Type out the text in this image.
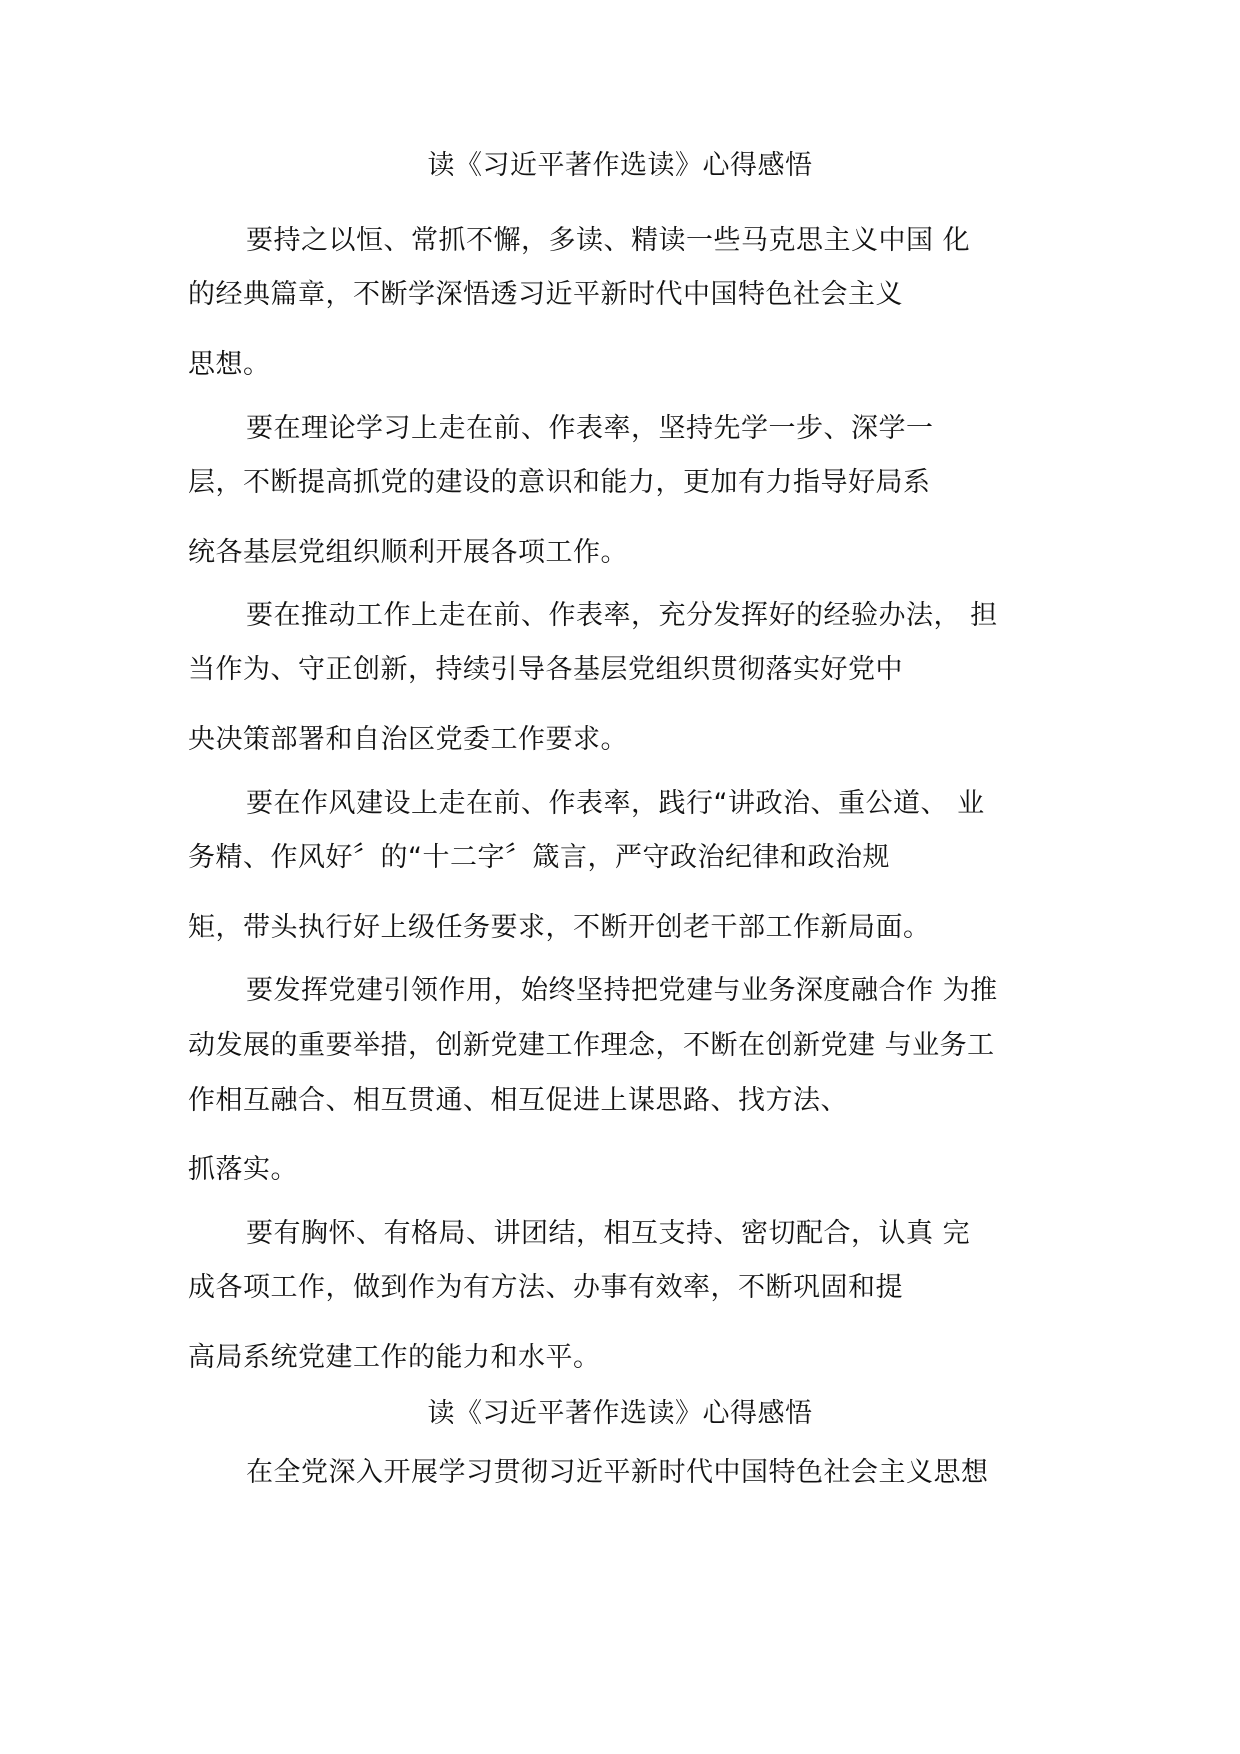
读《习近平著作选读》心得感悟
要持之以恒、常抓不懈，多读、精读一些马克思主义中国 化
的经典篇章，不断学深悟透习近平新时代中国特色社会主义
思想。
要在理论学习上走在前、作表率，坚持先学一步、深学一
层，不断提高抓党的建设的意识和能力，更加有力指导好局系
统各基层党组织顺利开展各项工作。
要在推动工作上走在前、作表率，充分发挥好的经验办法， 担
当作为、守正创新，持续引导各基层党组织贯彻落实好党中
央决策部署和自治区党委工作要求。
要在作风建设上走在前、作表率，践行“讲政治、重公道、 业
务精、作风好〞的“十二字〞箴言，严守政治纪律和政治规
矩，带头执行好上级任务要求，不断开创老干部工作新局面。
要发挥党建引领作用，始终坚持把党建与业务深度融合作 为推
动发展的重要举措，创新党建工作理念，不断在创新党建 与业务工
作相互融合、相互贯通、相互促进上谋思路、找方法、
抓落实。
要有胸怀、有格局、讲团结，相互支持、密切配合，认真 完
成各项工作，做到作为有方法、办事有效率，不断巩固和提
高局系统党建工作的能力和水平。
读《习近平著作选读》心得感悟
在全党深入开展学习贯彻习近平新时代中国特色社会主义思想
